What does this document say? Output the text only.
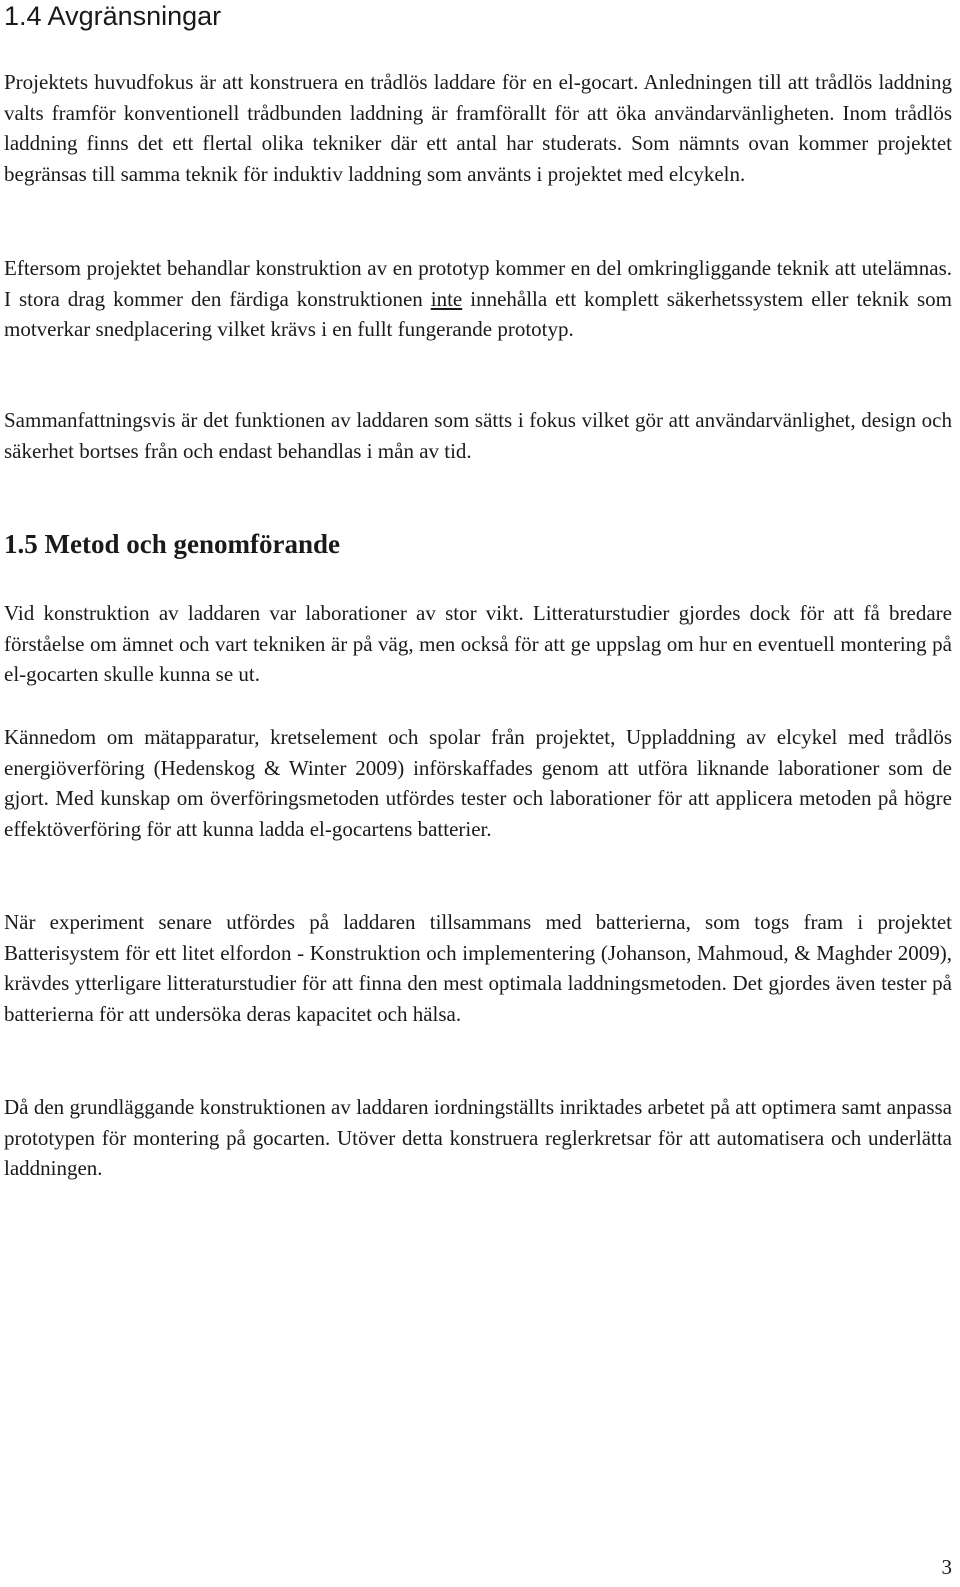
1.4 Avgränsningar

Projektets huvudfokus är att konstruera en trådlös laddare för en el-gocart. Anledningen till att trådlös laddning valts framför konventionell trådbunden laddning är framförallt för att öka användarvänligheten. Inom trådlös laddning finns det ett flertal olika tekniker där ett antal har studerats. Som nämnts ovan kommer projektet begränsas till samma teknik för induktiv laddning som använts i projektet med elcykeln.

Eftersom projektet behandlar konstruktion av en prototyp kommer en del omkringliggande teknik att utelämnas. I stora drag kommer den färdiga konstruktionen inte innehålla ett komplett säkerhetssystem eller teknik som motverkar snedplacering vilket krävs i en fullt fungerande prototyp.

Sammanfattningsvis är det funktionen av laddaren som sätts i fokus vilket gör att användarvänlighet, design och säkerhet bortses från och endast behandlas i mån av tid.

1.5 Metod och genomförande

Vid konstruktion av laddaren var laborationer av stor vikt. Litteraturstudier gjordes dock för att få bredare förståelse om ämnet och vart tekniken är på väg, men också för att ge uppslag om hur en eventuell montering på el-gocarten skulle kunna se ut.

Kännedom om mätapparatur, kretselement och spolar från projektet, Uppladdning av elcykel med trådlös energiöverföring (Hedenskog & Winter 2009) införskaffades genom att utföra liknande laborationer som de gjort. Med kunskap om överföringsmetoden utfördes tester och laborationer för att applicera metoden på högre effektöverföring för att kunna ladda el-gocartens batterier.

När experiment senare utfördes på laddaren tillsammans med batterierna, som togs fram i projektet Batterisystem för ett litet elfordon - Konstruktion och implementering (Johanson, Mahmoud, & Maghder 2009), krävdes ytterligare litteraturstudier för att finna den mest optimala laddningsmetoden. Det gjordes även tester på batterierna för att undersöka deras kapacitet och hälsa.

Då den grundläggande konstruktionen av laddaren iordningställts inriktades arbetet på att optimera samt anpassa prototypen för montering på gocarten. Utöver detta konstruera reglerkretsar för att automatisera och underlätta laddningen.

3
